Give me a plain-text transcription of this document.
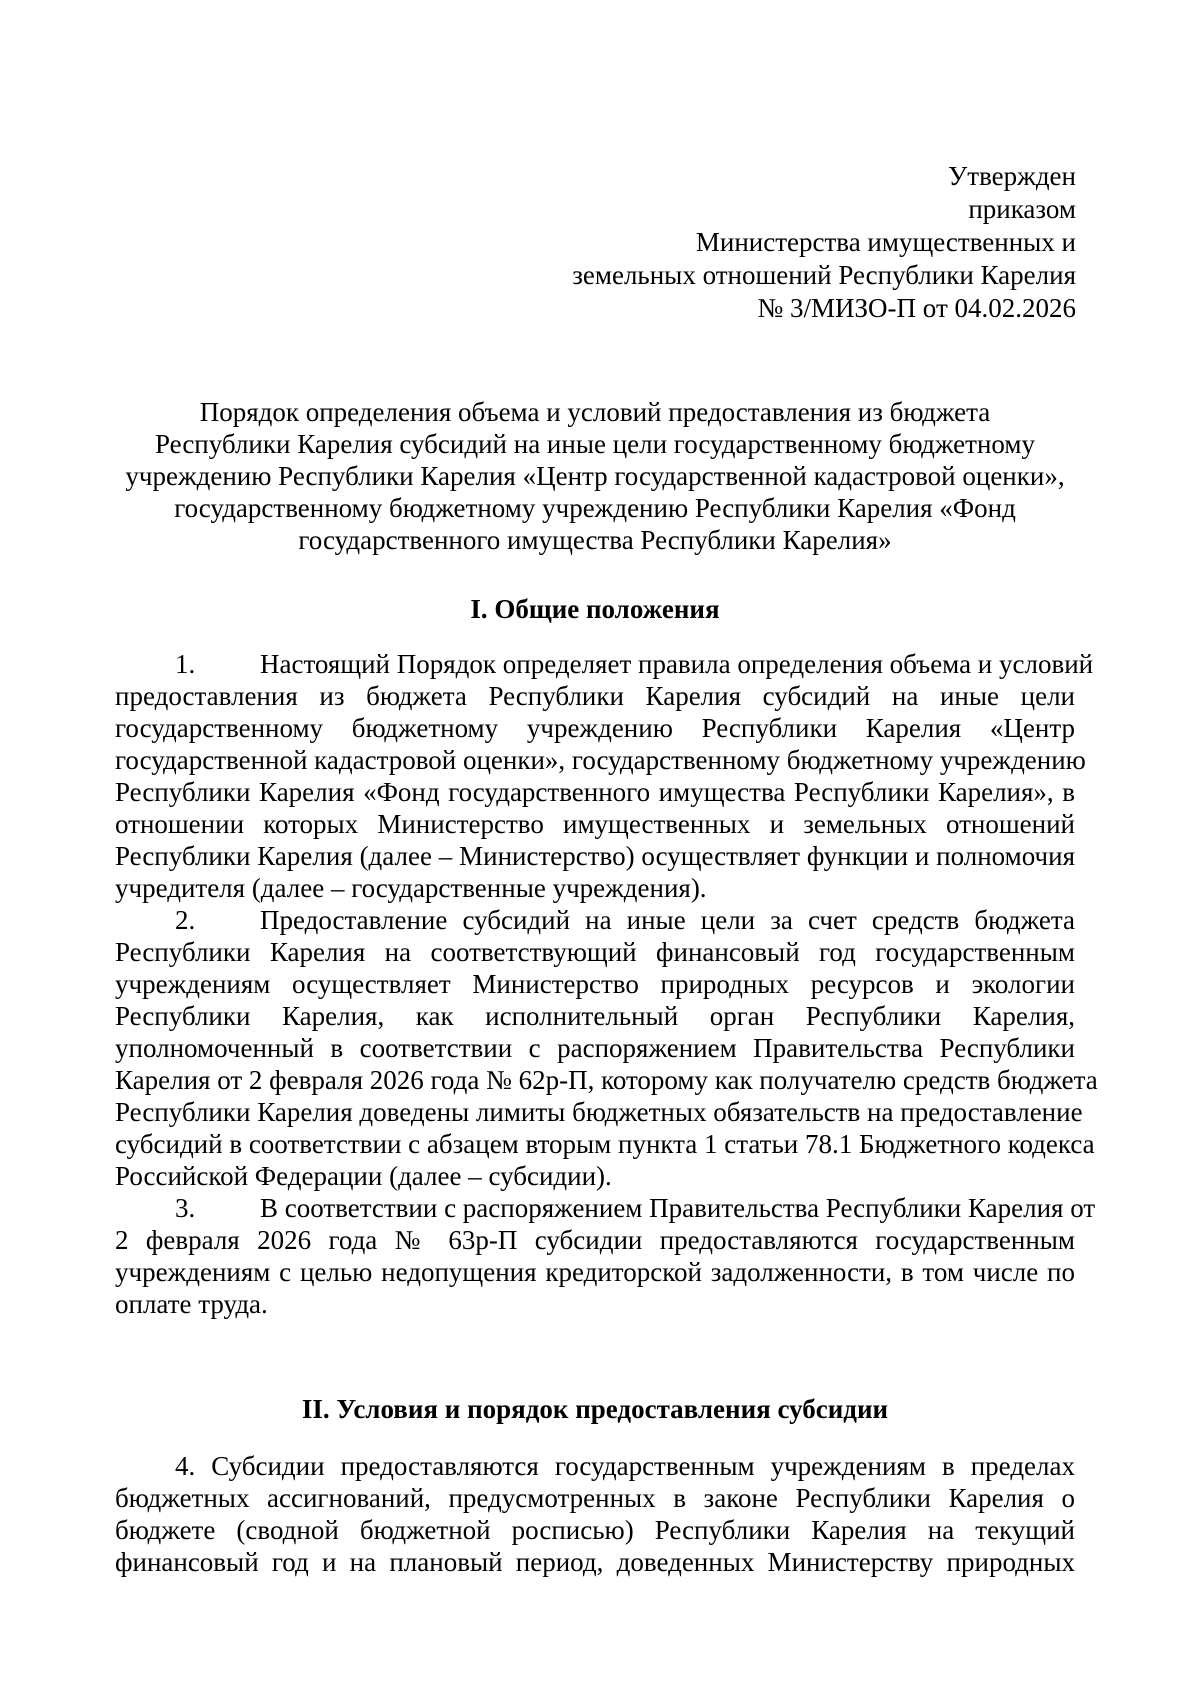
Утвержден
приказом
Министерства имущественных и
земельных отношений Республики Карелия
№ 3/МИЗО-П от 04.02.2026
Порядок определения объема и условий предоставления из бюджета
Республики Карелия субсидий на иные цели государственному бюджетному
учреждению Республики Карелия «Центр государственной кадастровой оценки»,
государственному бюджетному учреждению Республики Карелия «Фонд
государственного имущества Республики Карелия»
I. Общие положения
1. Настоящий Порядок определяет правила определения объема и условий
предоставления из бюджета Республики Карелия субсидий на иные цели
государственному бюджетному учреждению Республики Карелия «Центр
государственной кадастровой оценки», государственному бюджетному учреждению
Республики Карелия «Фонд государственного имущества Республики Карелия», в
отношении которых Министерство имущественных и земельных отношений
Республики Карелия (далее – Министерство) осуществляет функции и полномочия
учредителя (далее – государственные учреждения).
2. Предоставление субсидий на иные цели за счет средств бюджета
Республики Карелия на соответствующий финансовый год государственным
учреждениям осуществляет Министерство природных ресурсов и экологии
Республики Карелия, как исполнительный орган Республики Карелия,
уполномоченный в соответствии с распоряжением Правительства Республики
Карелия от 2 февраля 2026 года № 62р-П, которому как получателю средств бюджета
Республики Карелия доведены лимиты бюджетных обязательств на предоставление
субсидий в соответствии с абзацем вторым пункта 1 статьи 78.1 Бюджетного кодекса
Российской Федерации (далее – субсидии).
3. В соответствии с распоряжением Правительства Республики Карелия от
2 февраля 2026 года № 63р-П субсидии предоставляются государственным
учреждениям с целью недопущения кредиторской задолженности, в том числе по
оплате труда.
II. Условия и порядок предоставления субсидии
4. Субсидии предоставляются государственным учреждениям в пределах
бюджетных ассигнований, предусмотренных в законе Республики Карелия о
бюджете (сводной бюджетной росписью) Республики Карелия на текущий
финансовый год и на плановый период, доведенных Министерству природных
